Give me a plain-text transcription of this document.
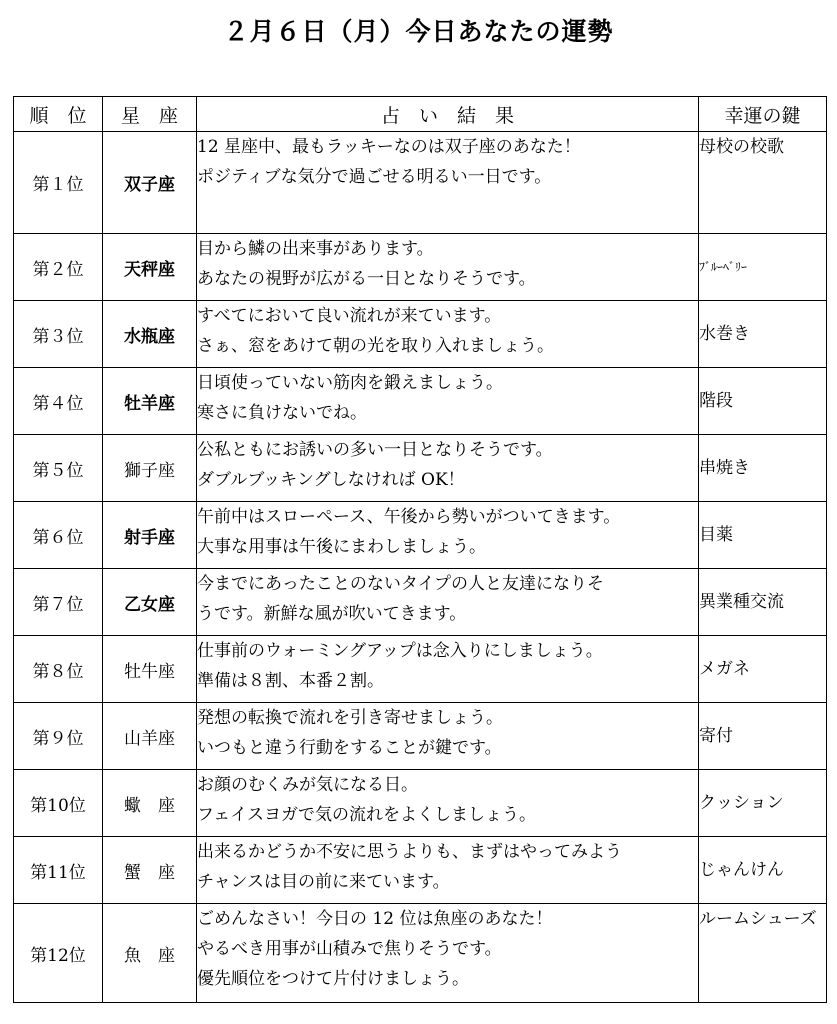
２月６日（月）今日あなたの運勢
順　位	星　座	占　い　結　果	幸運の鍵
第１位	双子座	12 星座中、最もラッキーなのは双子座のあなた！
ポジティブな気分で過ごせる明るい一日です。	母校の校歌
第２位	天秤座	目から鱗の出来事があります。
あなたの視野が広がる一日となりそうです。	ﾌﾞﾙｰﾍﾞﾘｰ
第３位	水瓶座	すべてにおいて良い流れが来ています。
さぁ、窓をあけて朝の光を取り入れましょう。	水巻き
第４位	牡羊座	日頃使っていない筋肉を鍛えましょう。
寒さに負けないでね。	階段
第５位	獅子座	公私ともにお誘いの多い一日となりそうです。
ダブルブッキングしなければ OK！	串焼き
第６位	射手座	午前中はスローペース、午後から勢いがついてきます。
大事な用事は午後にまわしましょう。	目薬
第７位	乙女座	今までにあったことのないタイプの人と友達になりそ
うです。新鮮な風が吹いてきます。	異業種交流
第８位	牡牛座	仕事前のウォーミングアップは念入りにしましょう。
準備は８割、本番２割。	メガネ
第９位	山羊座	発想の転換で流れを引き寄せましょう。
いつもと違う行動をすることが鍵です。	寄付
第10位	蠍　座	お顔のむくみが気になる日。
フェイスヨガで気の流れをよくしましょう。	クッション
第11位	蟹　座	出来るかどうか不安に思うよりも、まずはやってみよう
チャンスは目の前に来ています。	じゃんけん
第12位	魚　座	ごめんなさい！今日の 12 位は魚座のあなた！
やるべき用事が山積みで焦りそうです。
優先順位をつけて片付けましょう。	ルームシューズ
